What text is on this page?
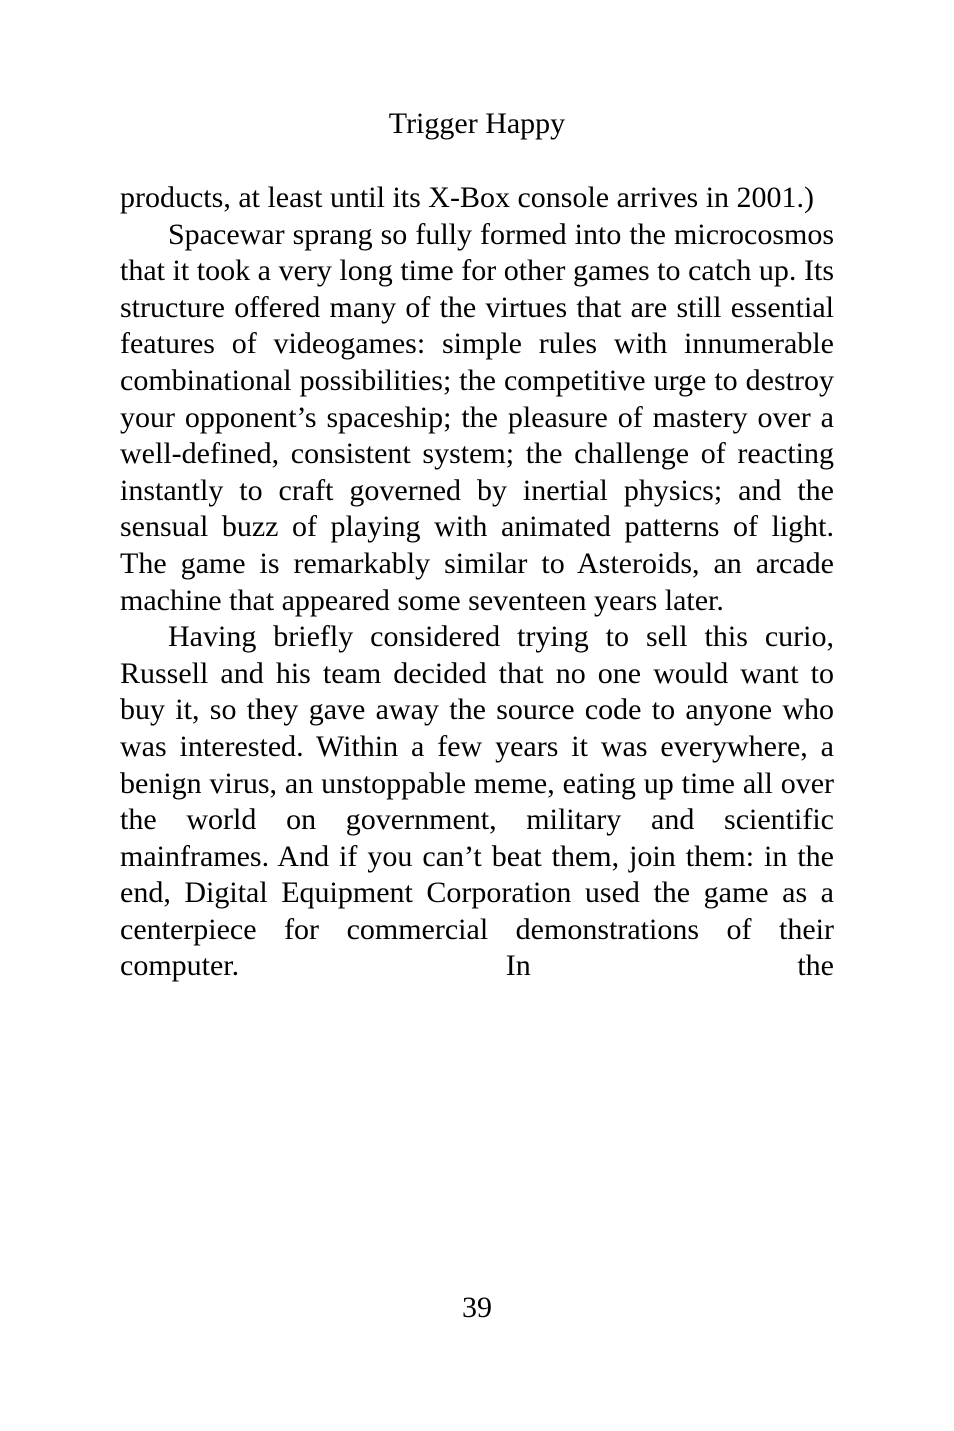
Trigger Happy

products, at least until its X-Box console arrives in 2001.)

Spacewar sprang so fully formed into the microcosmos that it took a very long time for other games to catch up. Its structure offered many of the virtues that are still essential features of videogames: simple rules with innumerable combinational possibilities; the competitive urge to destroy your opponent’s spaceship; the pleasure of mastery over a well-defined, consistent system; the challenge of reacting instantly to craft governed by inertial physics; and the sensual buzz of playing with animated patterns of light. The game is remarkably similar to Asteroids, an arcade machine that appeared some seventeen years later.

Having briefly considered trying to sell this curio, Russell and his team decided that no one would want to buy it, so they gave away the source code to anyone who was interested. Within a few years it was everywhere, a benign virus, an unstoppable meme, eating up time all over the world on government, military and scientific mainframes. And if you can’t beat them, join them: in the end, Digital Equipment Corporation used the game as a centerpiece for commercial demonstrations of their computer. In the

39
